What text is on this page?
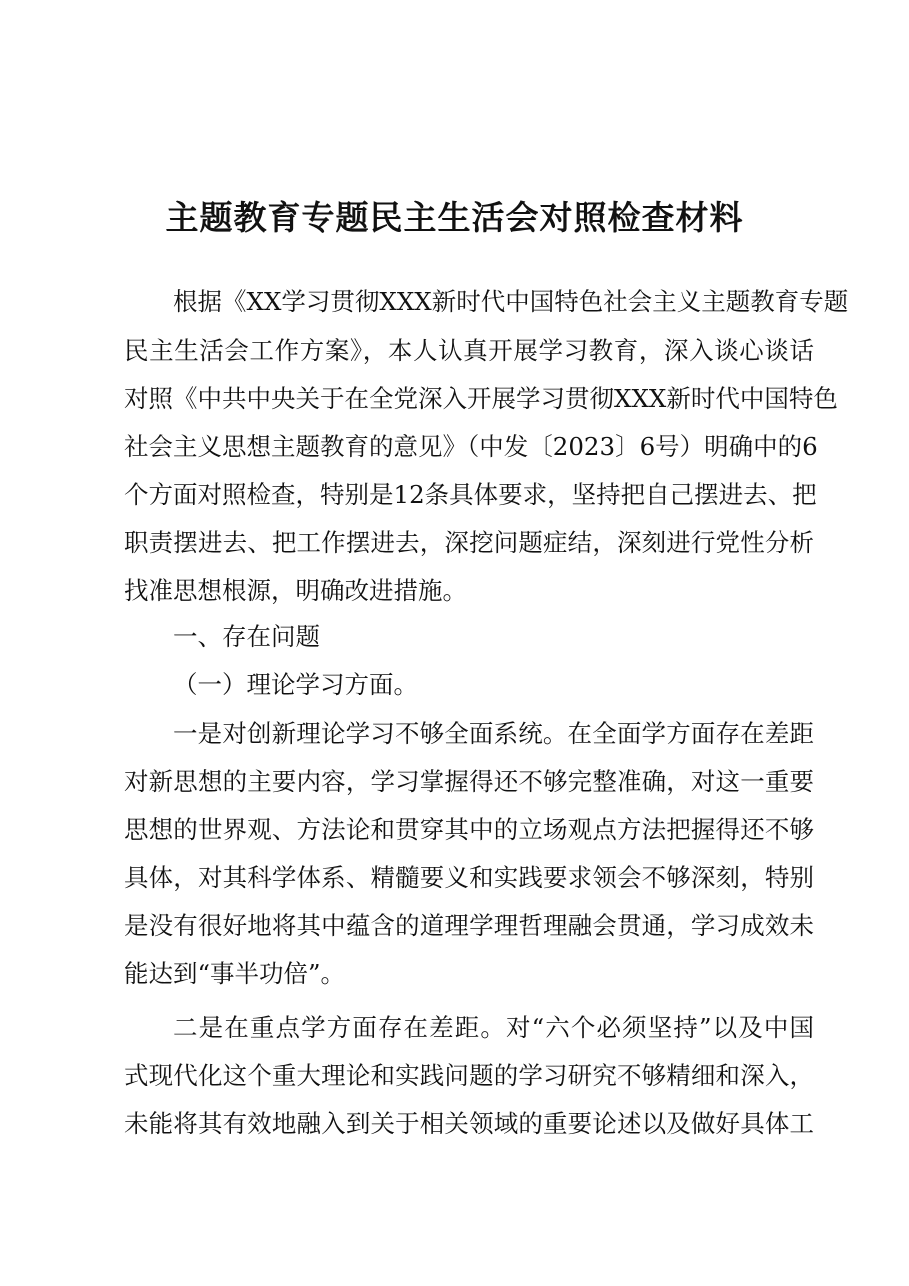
主题教育专题民主生活会对照检查材料
根据《XX学习贯彻XXX新时代中国特色社会主义主题教育专题
民主生活会工作方案》，本人认真开展学习教育，深入谈心谈话
对照《中共中央关于在全党深入开展学习贯彻XXX新时代中国特色
社会主义思想主题教育的意见》（中发〔2023〕6号）明确中的6
个方面对照检查，特别是12条具体要求，坚持把自己摆进去、把
职责摆进去、把工作摆进去，深挖问题症结，深刻进行党性分析
找准思想根源，明确改进措施。
一、存在问题
（一）理论学习方面。
一是对创新理论学习不够全面系统。在全面学方面存在差距
对新思想的主要内容，学习掌握得还不够完整准确，对这一重要
思想的世界观、方法论和贯穿其中的立场观点方法把握得还不够
具体，对其科学体系、精髓要义和实践要求领会不够深刻，特别
是没有很好地将其中蕴含的道理学理哲理融会贯通，学习成效未
能达到“事半功倍”。
二是在重点学方面存在差距。对“六个必须坚持”以及中国
式现代化这个重大理论和实践问题的学习研究不够精细和深入，
未能将其有效地融入到关于相关领域的重要论述以及做好具体工
